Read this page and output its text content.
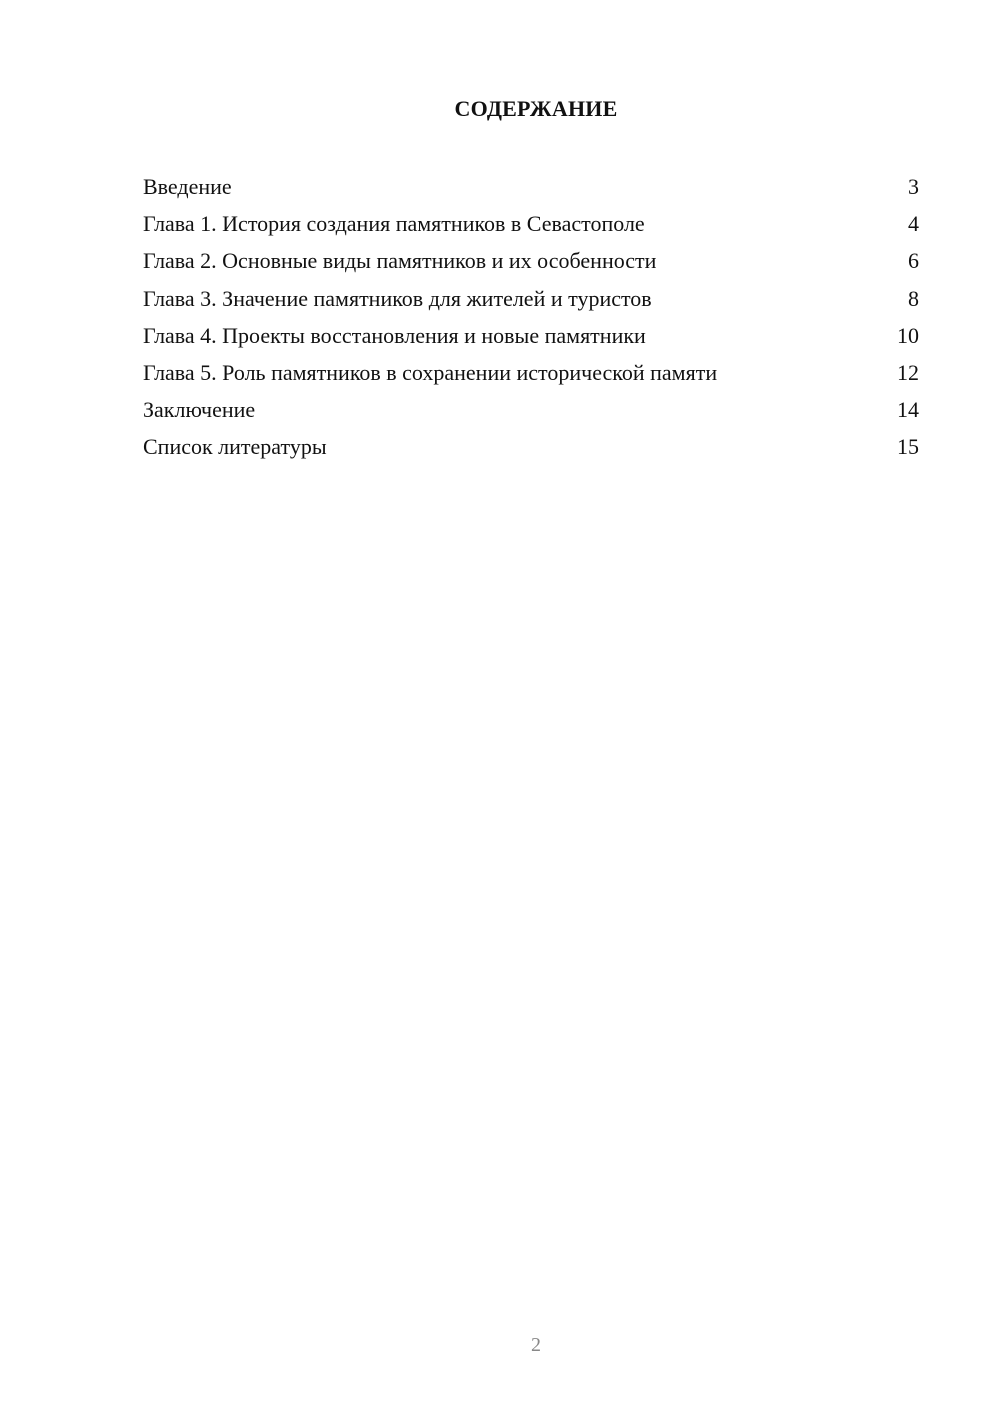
СОДЕРЖАНИЕ
Введение	3
Глава 1. История создания памятников в Севастополе	4
Глава 2. Основные виды памятников и их особенности	6
Глава 3. Значение памятников для жителей и туристов	8
Глава 4. Проекты восстановления и новые памятники	10
Глава 5. Роль памятников в сохранении исторической памяти	12
Заключение	14
Список литературы	15
2
